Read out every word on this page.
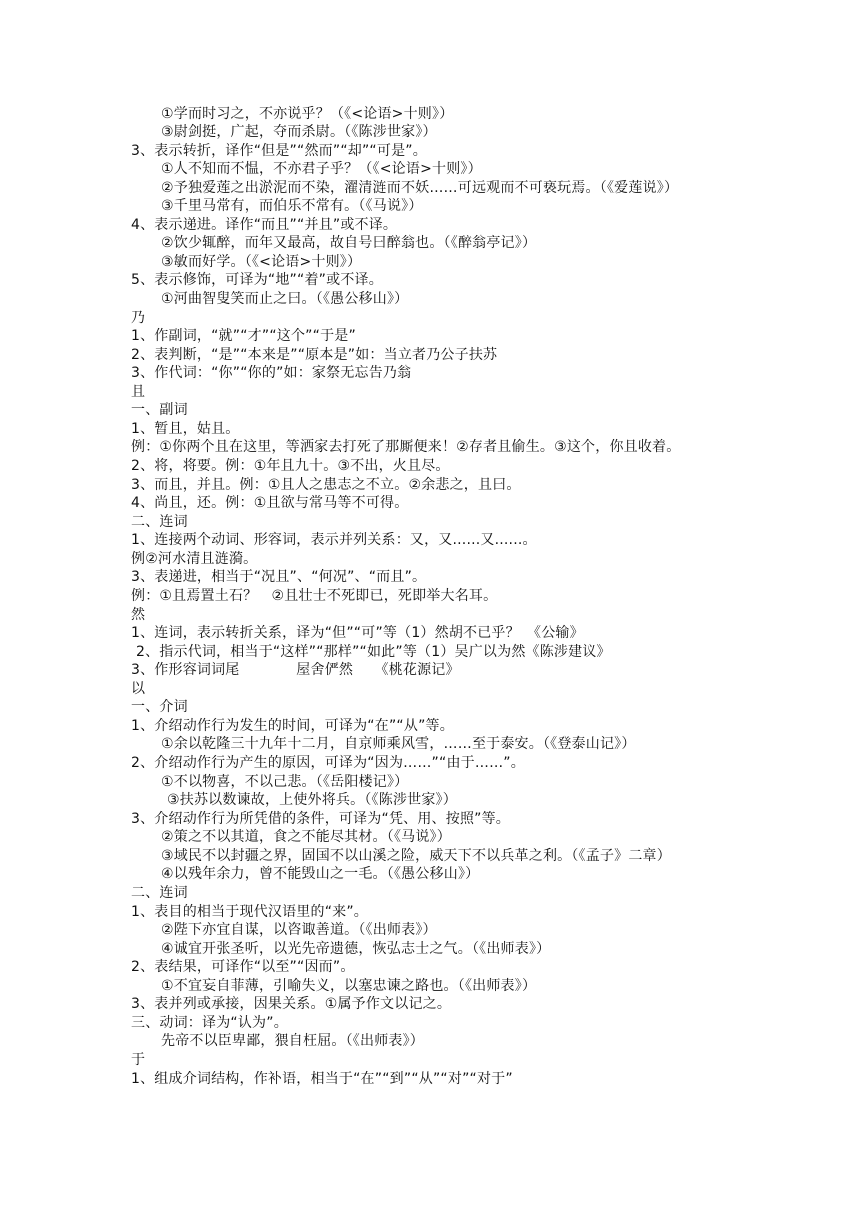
①学而时习之，不亦说乎？（《<论语>十则》）
③尉剑挺，广起，夺而杀尉。（《陈涉世家》）
3、表示转折，译作“但是”“然而”“却”“可是”。
①人不知而不愠，不亦君子乎？（《<论语>十则》）
②予独爱莲之出淤泥而不染，濯清涟而不妖……可远观而不可亵玩焉。（《爱莲说》）
③千里马常有，而伯乐不常有。（《马说》）
4、表示递进。译作“而且”“并且”或不译。
②饮少辄醉，而年又最高，故自号曰醉翁也。（《醉翁亭记》）
③敏而好学。（《<论语>十则》）
5、表示修饰，可译为“地”“着”或不译。
①河曲智叟笑而止之曰。（《愚公移山》）
乃
1、作副词，“就”“才”“这个”“于是”
2、表判断，“是”“本来是”“原本是”如：当立者乃公子扶苏
3、作代词：“你”“你的”如：家祭无忘告乃翁
且
一、副词
1、暂且，姑且。
例：①你两个且在这里，等洒家去打死了那厮便来！②存者且偷生。③这个，你且收着。
2、将，将要。例：①年且九十。③不出，火且尽。
3、而且，并且。例：①且人之患志之不立。②余悲之，且曰。
4、尚且，还。例：①且欲与常马等不可得。
二、连词
1、连接两个动词、形容词，表示并列关系：又，又......又......。
例②河水清且涟漪。
3、表递进，相当于“况且”、“何况”、“而且”。
例：①且焉置土石？　②且壮士不死即已，死即举大名耳。
然
1、连词，表示转折关系，译为“但”“可”等（1）然胡不已乎？　《公输》
2、指示代词，相当于“这样”“那样”“如此”等（1）吴广以为然《陈涉建议》
3、作形容词词尾　　　　屋舍俨然　　《桃花源记》
以
一、介词
1、介绍动作行为发生的时间，可译为“在”“从”等。
①余以乾隆三十九年十二月，自京师乘风雪，……至于泰安。（《登泰山记》）
2、介绍动作行为产生的原因，可译为“因为……”“由于……”。
①不以物喜，不以己悲。（《岳阳楼记》）
③扶苏以数谏故，上使外将兵。（《陈涉世家》）
3、介绍动作行为所凭借的条件，可译为“凭、用、按照”等。
②策之不以其道，食之不能尽其材。（《马说》）
③域民不以封疆之界，固国不以山溪之险，威天下不以兵革之利。（《孟子》二章）
④以残年余力，曾不能毁山之一毛。（《愚公移山》）
二、连词
1、表目的相当于现代汉语里的“来”。
②陛下亦宜自谋，以咨诹善道。（《出师表》）
④诚宜开张圣听，以光先帝遗德，恢弘志士之气。（《出师表》）
2、表结果，可译作“以至”“因而”。
①不宜妄自菲薄，引喻失义，以塞忠谏之路也。（《出师表》）
3、表并列或承接，因果关系。①属予作文以记之。
三、动词：译为“认为”。
先帝不以臣卑鄙，猥自枉屈。（《出师表》）
于
1、组成介词结构，作补语，相当于“在”“到”“从”“对”“对于”
